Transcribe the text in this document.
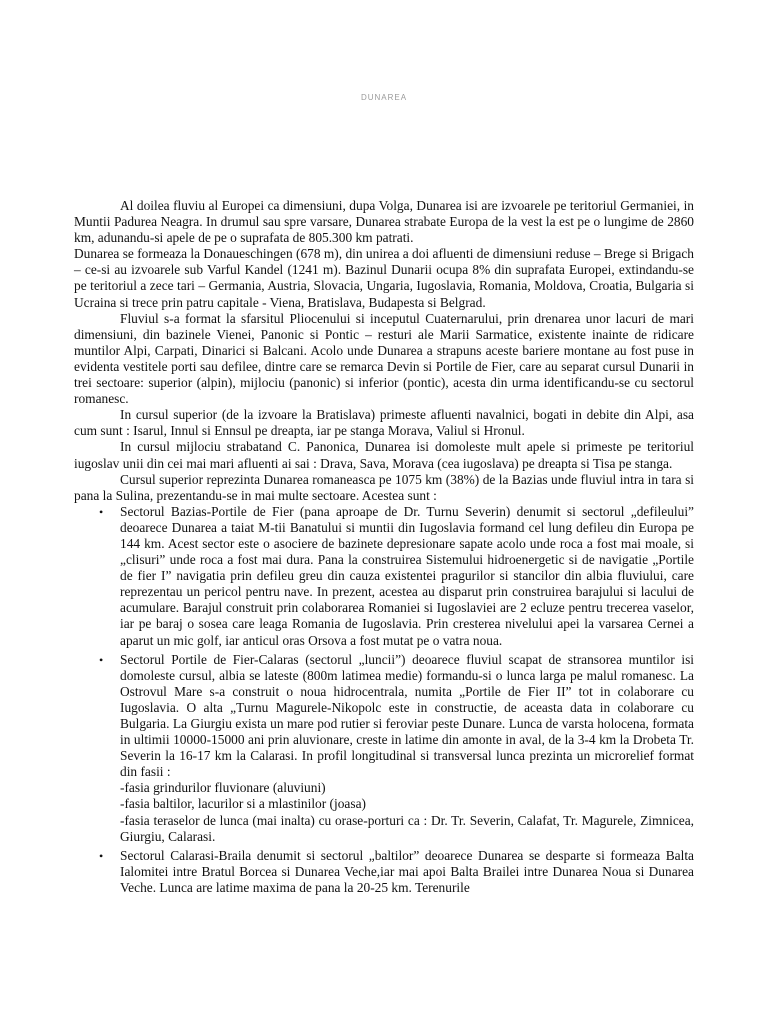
DUNAREA

Al doilea fluviu al Europei ca dimensiuni, dupa Volga, Dunarea isi are izvoarele pe teritoriul Germaniei, in Muntii Padurea Neagra. In drumul sau spre varsare, Dunarea strabate Europa de la vest la est pe o lungime de 2860 km, adunandu-si apele de pe o suprafata de 805.300 km patrati.

Dunarea se formeaza la Donaueschingen (678 m), din unirea a doi afluenti de dimensiuni reduse – Brege si Brigach – ce-si au izvoarele sub Varful Kandel (1241 m). Bazinul Dunarii ocupa 8% din suprafata Europei, extindandu-se pe teritoriul a zece tari – Germania, Austria, Slovacia, Ungaria, Iugoslavia, Romania, Moldova, Croatia, Bulgaria si Ucraina si trece prin patru capitale - Viena, Bratislava, Budapesta si Belgrad.

Fluviul s-a format la sfarsitul Pliocenului si inceputul Cuaternarului, prin drenarea unor lacuri de mari dimensiuni, din bazinele Vienei, Panonic si Pontic – resturi ale Marii Sarmatice, existente inainte de ridicare muntilor Alpi, Carpati, Dinarici si Balcani. Acolo unde Dunarea a strapuns aceste bariere montane au fost puse in evidenta vestitele porti sau defilee, dintre care se remarca Devin si Portile de Fier, care au separat cursul Dunarii in trei sectoare: superior (alpin), mijlociu (panonic) si inferior (pontic), acesta din urma identificandu-se cu sectorul romanesc.

In cursul superior (de la izvoare la Bratislava) primeste afluenti navalnici, bogati in debite din Alpi, asa cum sunt : Isarul, Innul si Ennsul pe dreapta, iar pe stanga Morava, Valiul si Hronul.

In cursul mijlociu strabatand C. Panonica, Dunarea isi domoleste mult apele si primeste pe teritoriul iugoslav unii din cei mai mari afluenti ai sai : Drava, Sava, Morava (cea iugoslava) pe dreapta si Tisa pe stanga.

Cursul superior reprezinta Dunarea romaneasca pe 1075 km (38%) de la Bazias unde fluviul intra in tara si pana la Sulina, prezentandu-se in mai multe sectoare. Acestea sunt :

• Sectorul Bazias-Portile de Fier (pana aproape de Dr. Turnu Severin) denumit si sectorul „defileului” deoarece Dunarea a taiat M-tii Banatului si muntii din Iugoslavia formand cel lung defileu din Europa pe 144 km. Acest sector este o asociere de bazinete depresionare sapate acolo unde roca a fost mai moale, si „clisuri” unde roca a fost mai dura. Pana la construirea Sistemului hidroenergetic si de navigatie „Portile de fier I” navigatia prin defileu greu din cauza existentei pragurilor si stancilor din albia fluviului, care reprezentau un pericol pentru nave. In prezent, acestea au disparut prin construirea barajului si lacului de acumulare. Barajul construit prin colaborarea Romaniei si Iugoslaviei are 2 ecluze pentru trecerea vaselor, iar pe baraj o sosea care leaga Romania de Iugoslavia. Prin cresterea nivelului apei la varsarea Cernei a aparut un mic golf, iar anticul oras Orsova a fost mutat pe o vatra noua.
• Sectorul Portile de Fier-Calaras (sectorul „luncii”) deoarece fluviul scapat de stransorea muntilor isi domoleste cursul, albia se lateste (800m latimea medie) formandu-si o lunca larga pe malul romanesc. La Ostrovul Mare s-a construit o noua hidrocentrala, numita „Portile de Fier II” tot in colaborare cu Iugoslavia. O alta „Turnu Magurele-Nikopolc este in constructie, de aceasta data in colaborare cu Bulgaria. La Giurgiu exista un mare pod rutier si feroviar peste Dunare. Lunca de varsta holocena, formata in ultimii 10000-15000 ani prin aluvionare, creste in latime din amonte in aval, de la 3-4 km la Drobeta Tr. Severin la 16-17 km la Calarasi. In profil longitudinal si transversal lunca prezinta un microrelief format din fasii :
-fasia grindurilor fluvionare (aluviuni)
-fasia baltilor, lacurilor si a mlastinilor (joasa)
-fasia teraselor de lunca (mai inalta) cu orase-porturi ca : Dr. Tr. Severin, Calafat, Tr. Magurele, Zimnicea, Giurgiu, Calarasi.
• Sectorul Calarasi-Braila denumit si sectorul „baltilor” deoarece Dunarea se desparte si formeaza Balta Ialomitei intre Bratul Borcea si Dunarea Veche,iar mai apoi Balta Brailei intre Dunarea Noua si Dunarea Veche. Lunca are latime maxima de pana la 20-25 km. Terenurile
